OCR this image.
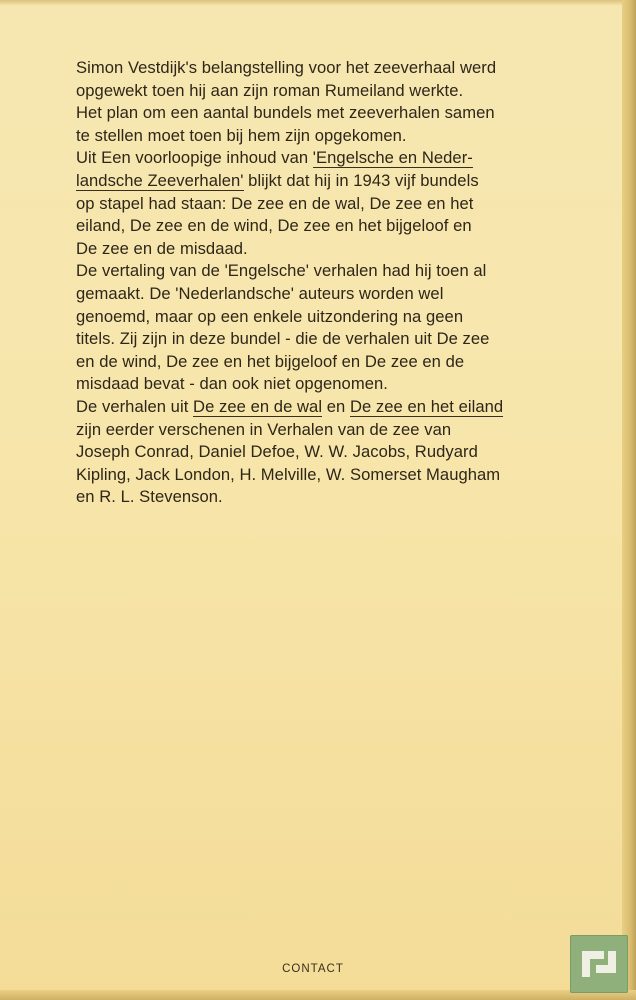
Simon Vestdijk's belangstelling voor het zeeverhaal werd
opgewekt toen hij aan zijn roman Rumeiland werkte.
Het plan om een aantal bundels met zeeverhalen samen
te stellen moet toen bij hem zijn opgekomen.
Uit Een voorloopige inhoud van 'Engelsche en Neder-
landsche Zeeverhalen' blijkt dat hij in 1943 vijf bundels
op stapel had staan: De zee en de wal, De zee en het
eiland, De zee en de wind, De zee en het bijgeloof en
De zee en de misdaad.
De vertaling van de 'Engelsche' verhalen had hij toen al
gemaakt. De 'Nederlandsche' auteurs worden wel
genoemd, maar op een enkele uitzondering na geen
titels. Zij zijn in deze bundel - die de verhalen uit De zee
en de wind, De zee en het bijgeloof en De zee en de
misdaad bevat - dan ook niet opgenomen.
De verhalen uit De zee en de wal en De zee en het eiland
zijn eerder verschenen in Verhalen van de zee van
Joseph Conrad, Daniel Defoe, W. W. Jacobs, Rudyard
Kipling, Jack London, H. Melville, W. Somerset Maugham
en R. L. Stevenson.
CONTACT
